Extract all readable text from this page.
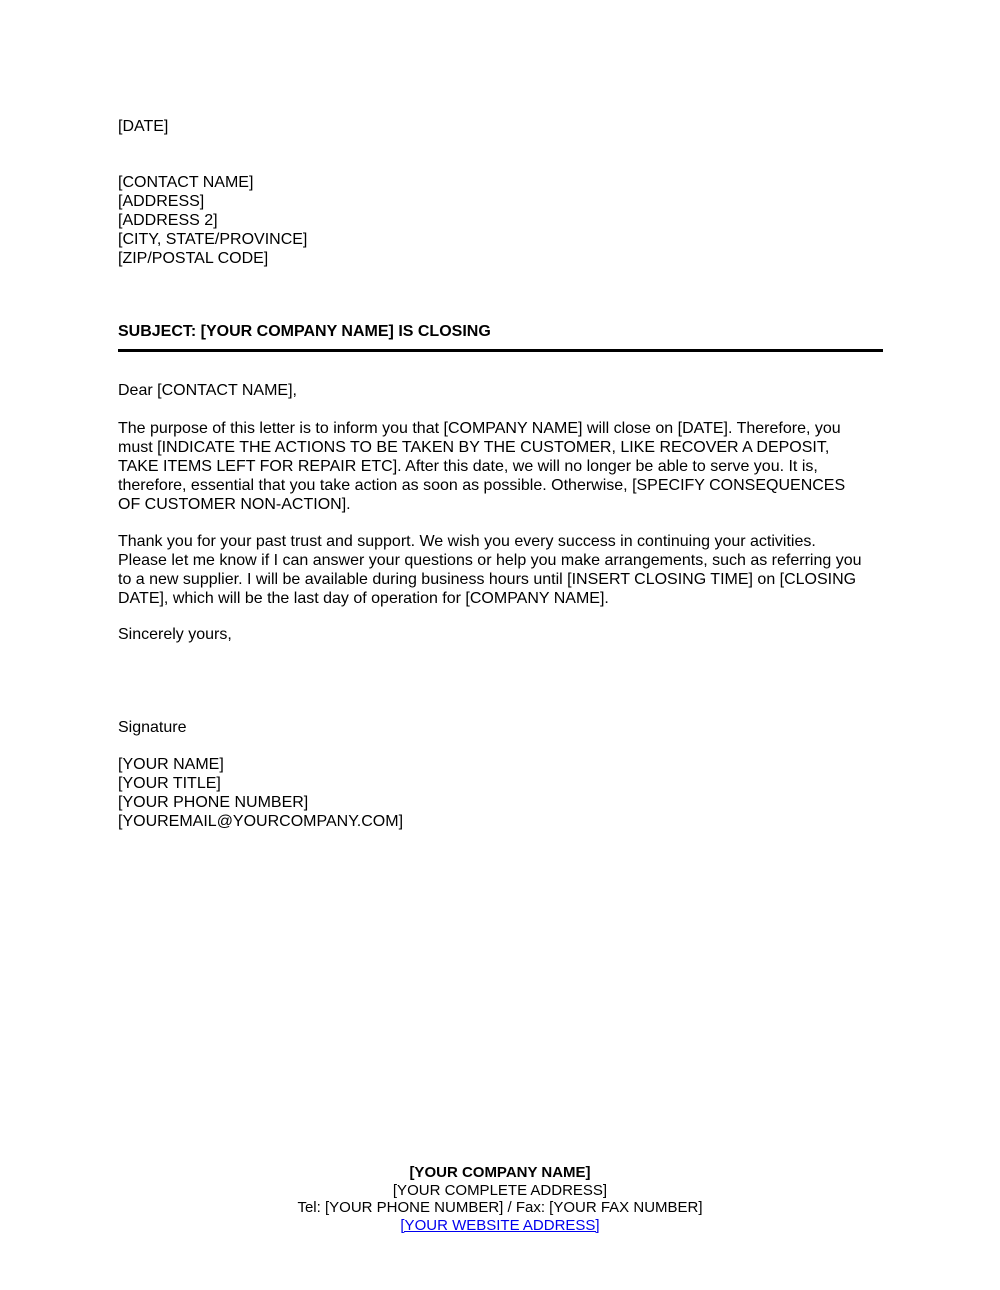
[DATE]
[CONTACT NAME]
[ADDRESS]
[ADDRESS 2]
[CITY, STATE/PROVINCE]
[ZIP/POSTAL CODE]
SUBJECT: [YOUR COMPANY NAME] IS CLOSING
Dear [CONTACT NAME],
The purpose of this letter is to inform you that [COMPANY NAME] will close on [DATE]. Therefore, you
must [INDICATE THE ACTIONS TO BE TAKEN BY THE CUSTOMER, LIKE RECOVER A DEPOSIT,
TAKE ITEMS LEFT FOR REPAIR ETC]. After this date, we will no longer be able to serve you. It is,
therefore, essential that you take action as soon as possible. Otherwise, [SPECIFY CONSEQUENCES
OF CUSTOMER NON-ACTION].
Thank you for your past trust and support. We wish you every success in continuing your activities.
Please let me know if I can answer your questions or help you make arrangements, such as referring you
to a new supplier. I will be available during business hours until [INSERT CLOSING TIME] on [CLOSING
DATE], which will be the last day of operation for [COMPANY NAME].
Sincerely yours,
Signature
[YOUR NAME]
[YOUR TITLE]
[YOUR PHONE NUMBER]
[YOUREMAIL@YOURCOMPANY.COM]
[YOUR COMPANY NAME]
[YOUR COMPLETE ADDRESS]
Tel: [YOUR PHONE NUMBER] / Fax: [YOUR FAX NUMBER]
[YOUR WEBSITE ADDRESS]
